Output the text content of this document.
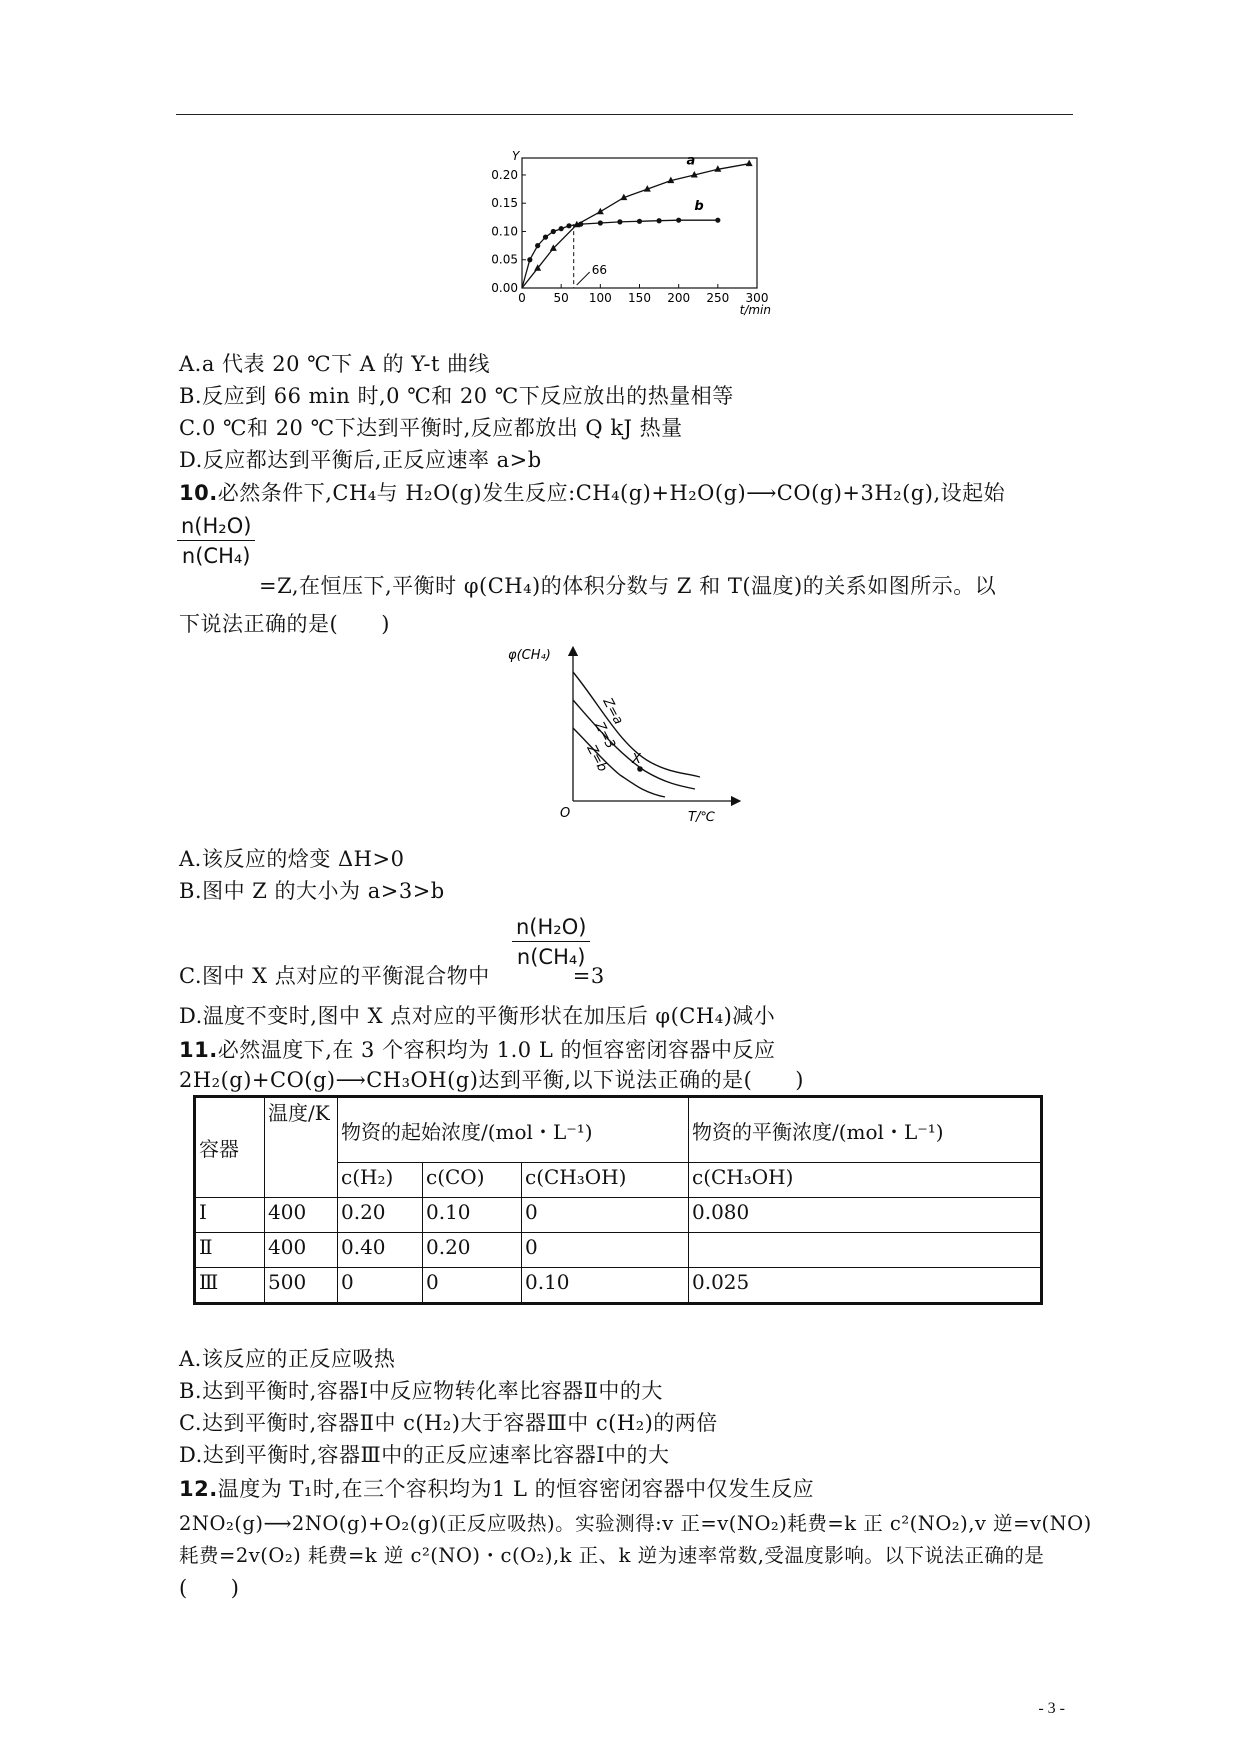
0 50 100 150 200 250 300
0.00
0.05
0.10
0.15
0.20
Y
t/min
66
a
b
A.a 代表 20 ℃下 A 的 Y-t 曲线
B.反应到 66 min 时,0 ℃和 20 ℃下反应放出的热量相等
C.0 ℃和 20 ℃下达到平衡时,反应都放出 Q kJ 热量
D.反应都达到平衡后,正反应速率 a>b
10.必然条件下,CH₄与 H₂O(g)发生反应:CH₄(g)+H₂O(g)⟶CO(g)+3H₂(g),设起始
n(H₂O)
n(CH₄)
=Z,在恒压下,平衡时 φ(CH₄)的体积分数与 Z 和 T(温度)的关系如图所示。以
下说法正确的是(　　)
φ(CH₄)
T/℃
O
Z=a
Z=3
Z=b X
A.该反应的焓变 ΔH>0
B.图中 Z 的大小为 a>3>b
n(H₂O)
n(CH₄)
C.图中 X 点对应的平衡混合物中	=3
D.温度不变时,图中 X 点对应的平衡形状在加压后 φ(CH₄)减小
11.必然温度下,在 3 个容积均为 1.0 L 的恒容密闭容器中反应
2H₂(g)+CO(g)⟶CH₃OH(g)达到平衡,以下说法正确的是(　　)
容器	温度/K	物资的起始浓度/(mol・L⁻¹)			物资的平衡浓度/(mol・L⁻¹)
		c(H₂)	c(CO)	c(CH₃OH)	c(CH₃OH)
Ⅰ	400	0.20	0.10	0	0.080
Ⅱ	400	0.40	0.20	0	
Ⅲ	500	0	0	0.10	0.025
A.该反应的正反应吸热
B.达到平衡时,容器Ⅰ中反应物转化率比容器Ⅱ中的大
C.达到平衡时,容器Ⅱ中 c(H₂)大于容器Ⅲ中 c(H₂)的两倍
D.达到平衡时,容器Ⅲ中的正反应速率比容器Ⅰ中的大
12.温度为 T₁时,在三个容积均为1 L 的恒容密闭容器中仅发生反应
2NO₂(g)⟶2NO(g)+O₂(g)(正反应吸热)。实验测得:v 正=v(NO₂)耗费=k 正 c²(NO₂),v 逆=v(NO)
耗费=2v(O₂) 耗费=k 逆 c²(NO)・c(O₂),k 正、k 逆为速率常数,受温度影响。以下说法正确的是
(　　)
- 3 -
